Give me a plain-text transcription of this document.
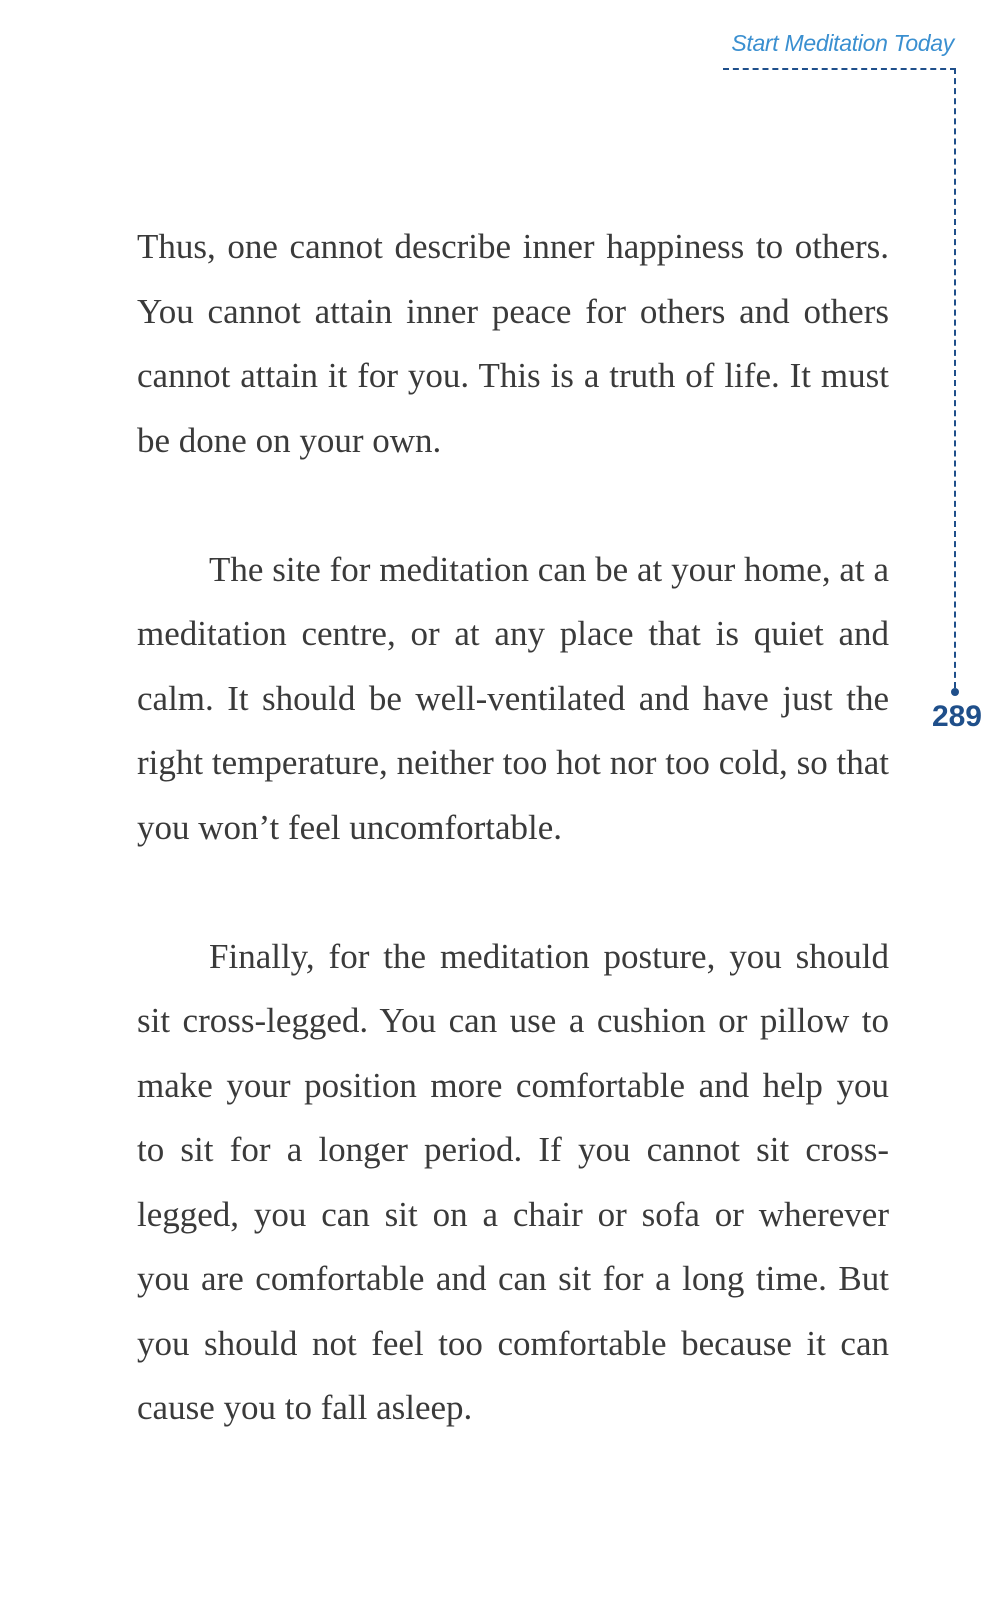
Start Meditation Today
289

Thus, one cannot describe inner happiness to others. You cannot attain inner peace for others and others cannot attain it for you. This is a truth of life. It must be done on your own.

The site for meditation can be at your home, at a meditation centre, or at any place that is quiet and calm. It should be well-ventilated and have just the right temperature, neither too hot nor too cold, so that you won’t feel uncomfortable.

Finally, for the meditation posture, you should sit cross-legged. You can use a cushion or pillow to make your position more comfortable and help you to sit for a longer period. If you cannot sit cross-legged, you can sit on a chair or sofa or wherever you are comfortable and can sit for a long time. But you should not feel too comfortable because it can cause you to fall asleep.
